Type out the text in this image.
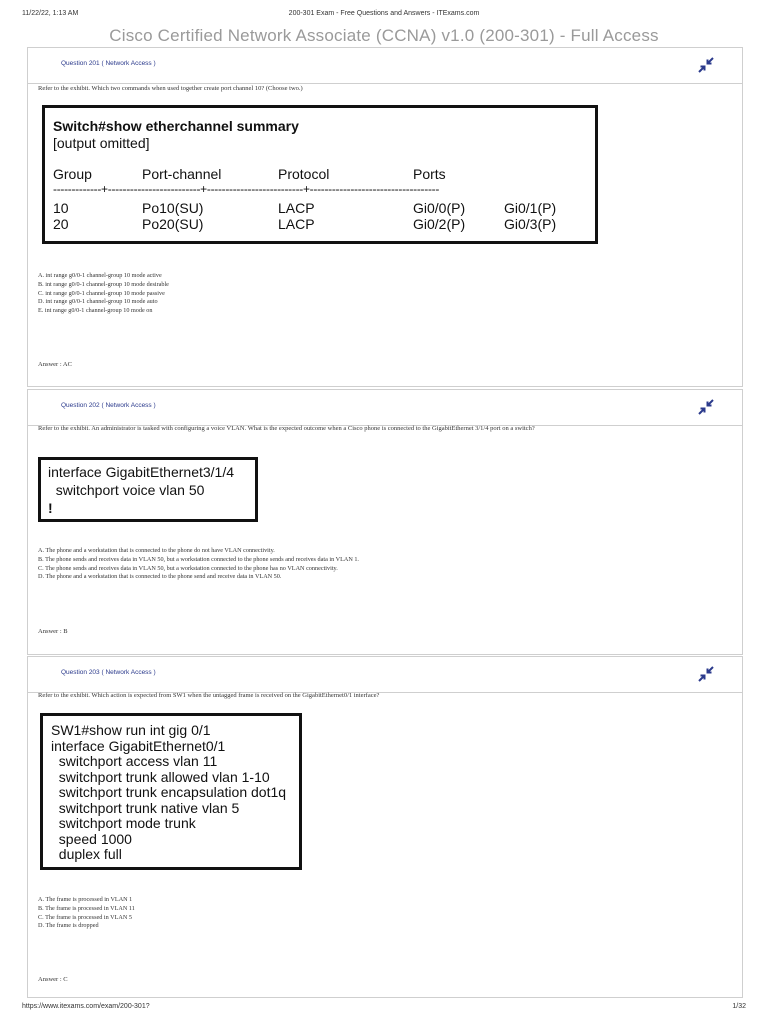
11/22/22, 1:13 AM	200-301 Exam - Free Questions and Answers - ITExams.com
Cisco Certified Network Associate (CCNA) v1.0 (200-301) - Full Access
Question 201 ( Network Access )
Refer to the exhibit. Which two commands when used together create port channel 10? (Choose two.)
Switch#show etherchannel summary
[output omitted]
Group	Port-channel	Protocol	Ports
-------------+-------------------------+--------------------------+-----------------------------------
10	Po10(SU)	LACP	Gi0/0(P)	Gi0/1(P)
20	Po20(SU)	LACP	Gi0/2(P)	Gi0/3(P)
A. int range g0/0-1 channel-group 10 mode active
B. int range g0/0-1 channel-group 10 mode desirable
C. int range g0/0-1 channel-group 10 mode passive
D. int range g0/0-1 channel-group 10 mode auto
E. int range g0/0-1 channel-group 10 mode on
Answer : AC
Question 202 ( Network Access )
Refer to the exhibit. An administrator is tasked with configuring a voice VLAN. What is the expected outcome when a Cisco phone is connected to the GigabitEthernet 3/1/4 port on a switch?
interface GigabitEthernet3/1/4
switchport voice vlan 50
!
A. The phone and a workstation that is connected to the phone do not have VLAN connectivity.
B. The phone sends and receives data in VLAN 50, but a workstation connected to the phone sends and receives data in VLAN 1.
C. The phone sends and receives data in VLAN 50, but a workstation connected to the phone has no VLAN connectivity.
D. The phone and a workstation that is connected to the phone send and receive data in VLAN 50.
Answer : B
Question 203 ( Network Access )
Refer to the exhibit. Which action is expected from SW1 when the untagged frame is received on the GigabitEthernet0/1 interface?
SW1#show run int gig 0/1
interface GigabitEthernet0/1
switchport access vlan 11
switchport trunk allowed vlan 1-10
switchport trunk encapsulation dot1q
switchport trunk native vlan 5
switchport mode trunk
speed 1000
duplex full
A. The frame is processed in VLAN 1
B. The frame is processed in VLAN 11
C. The frame is processed in VLAN 5
D. The frame is dropped
Answer : C
https://www.itexams.com/exam/200-301?	1/32
